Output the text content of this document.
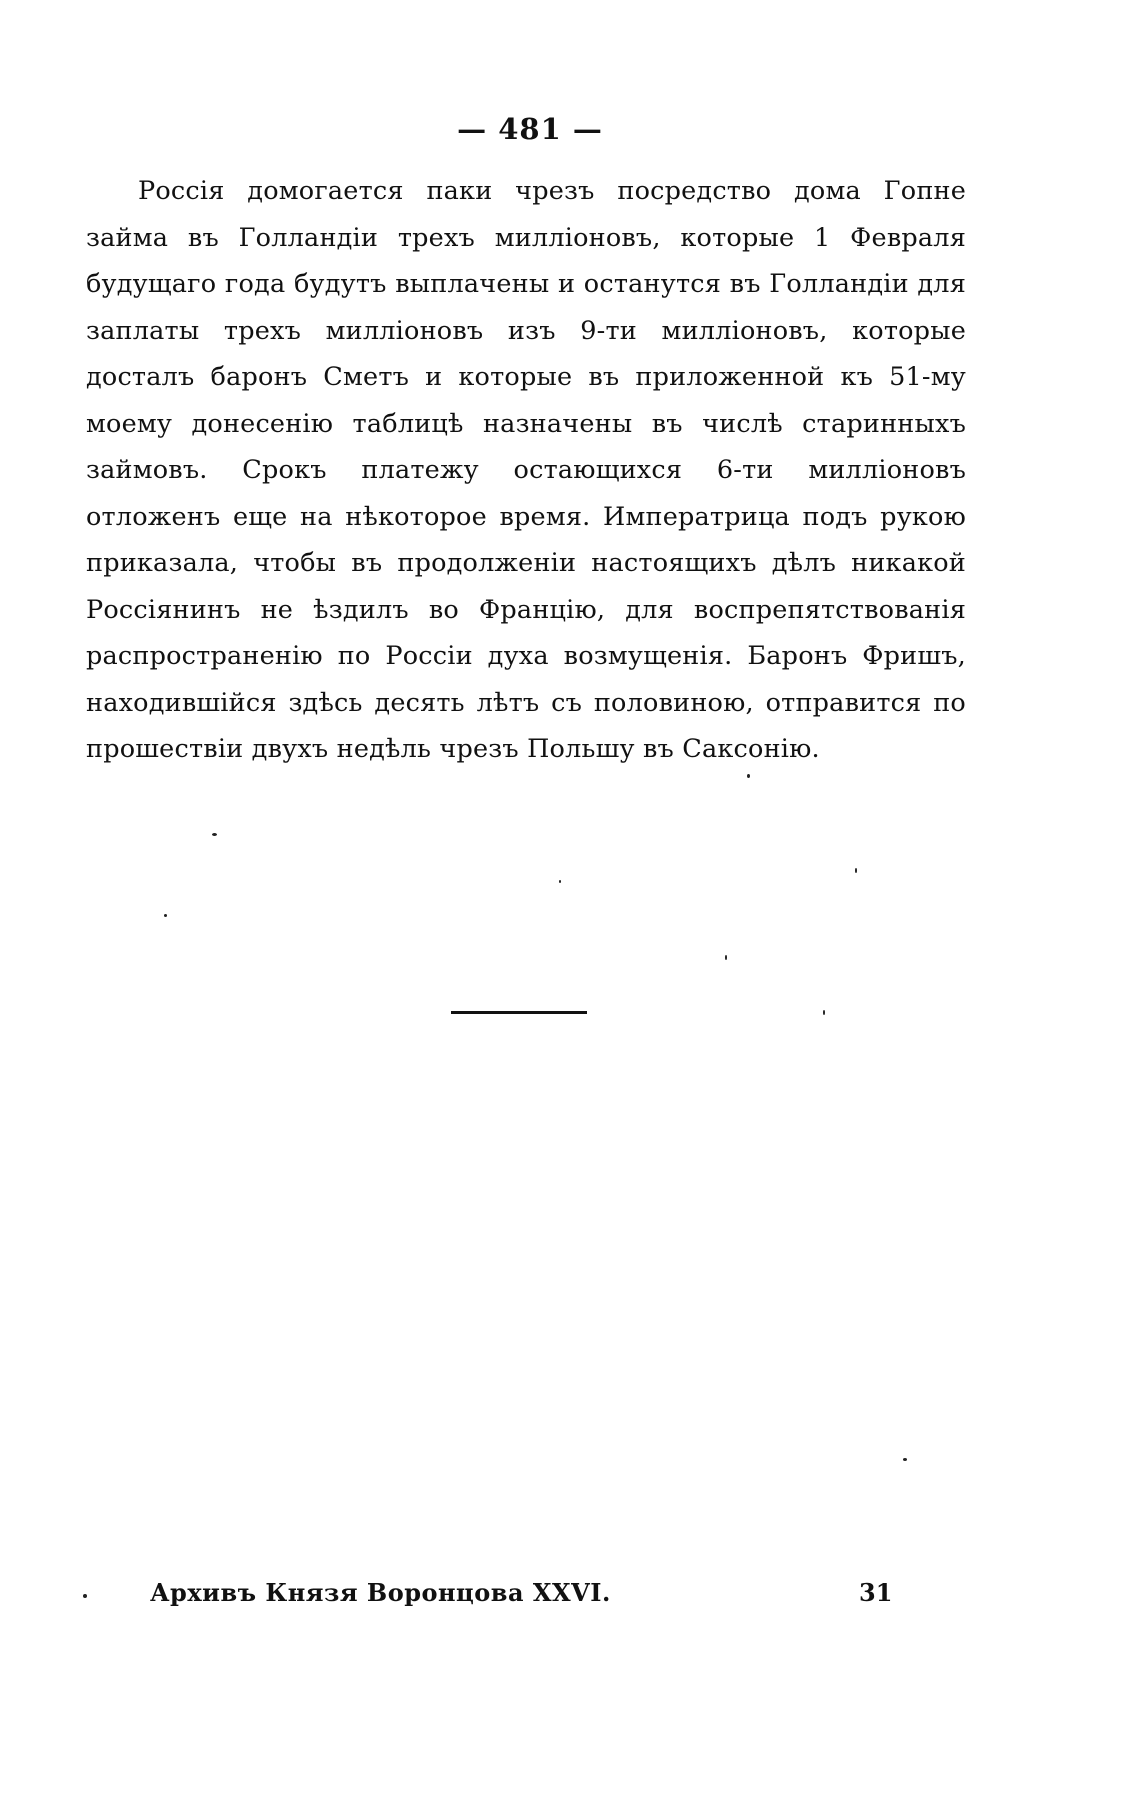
— 481 —

Россія домогается паки чрезъ посредство дома Гопне займа въ Голландіи трехъ милліоновъ, которые 1 Февраля будущаго года будутъ выплачены и останутся въ Голландіи для заплаты трехъ милліоновъ изъ 9-ти милліоновъ, которые досталъ баронъ Сметъ и которые въ приложенной къ 51-му моему донесенію таблицѣ назначены въ числѣ старинныхъ займовъ. Срокъ платежу остающихся 6-ти милліоновъ отложенъ еще на нѣкоторое время. Императрица подъ рукою приказала, чтобы въ продолженіи настоящихъ дѣлъ никакой Россіянинъ не ѣздилъ во Францію, для воспрепятствованія распространенію по Россіи духа возмущенія. Баронъ Фришъ, находившійся здѣсь десять лѣтъ съ половиною, отправится по прошествіи двухъ недѣль чрезъ Польшу въ Саксонію.

Архивъ Князя Воронцова XXVI.	31
